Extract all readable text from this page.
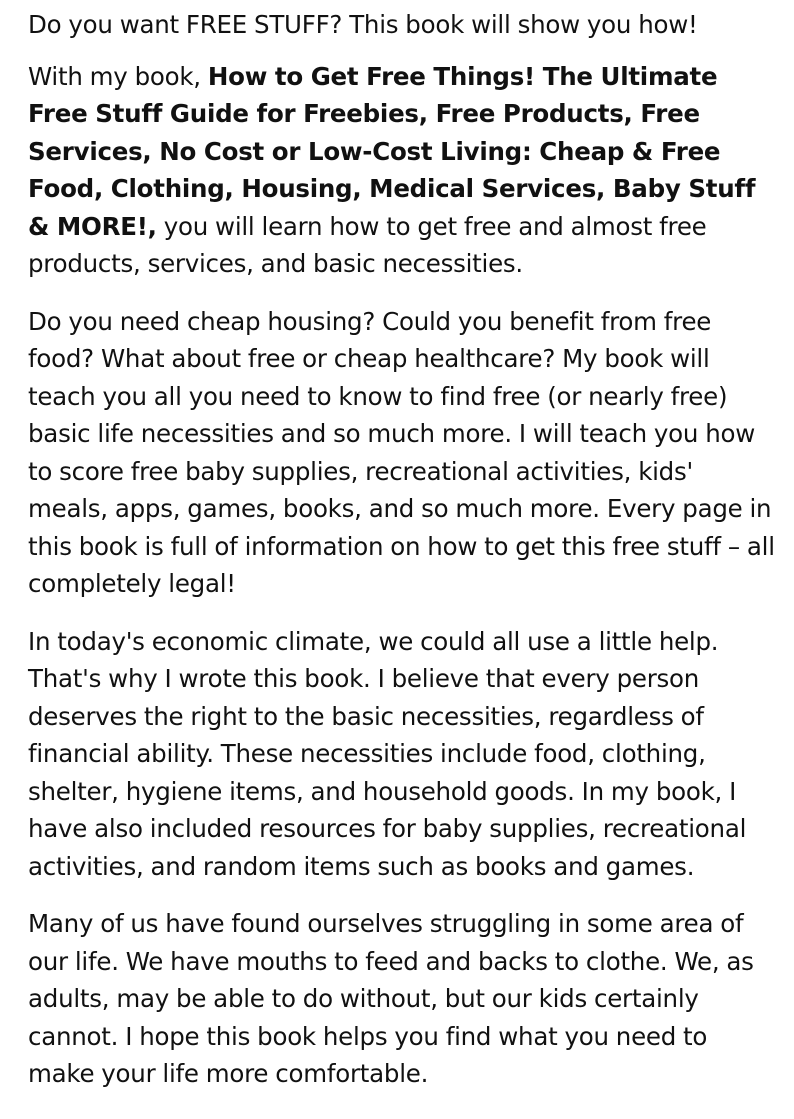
Do you want FREE STUFF? This book will show you how!

With my book, How to Get Free Things! The Ultimate Free Stuff Guide for Freebies, Free Products, Free Services, No Cost or Low-Cost Living: Cheap & Free Food, Clothing, Housing, Medical Services, Baby Stuff & MORE!, you will learn how to get free and almost free products, services, and basic necessities.

Do you need cheap housing? Could you benefit from free food? What about free or cheap healthcare? My book will teach you all you need to know to find free (or nearly free) basic life necessities and so much more. I will teach you how to score free baby supplies, recreational activities, kids' meals, apps, games, books, and so much more. Every page in this book is full of information on how to get this free stuff – all completely legal!

In today's economic climate, we could all use a little help. That's why I wrote this book. I believe that every person deserves the right to the basic necessities, regardless of financial ability. These necessities include food, clothing, shelter, hygiene items, and household goods. In my book, I have also included resources for baby supplies, recreational activities, and random items such as books and games.

Many of us have found ourselves struggling in some area of our life. We have mouths to feed and backs to clothe. We, as adults, may be able to do without, but our kids certainly cannot. I hope this book helps you find what you need to make your life more comfortable.
